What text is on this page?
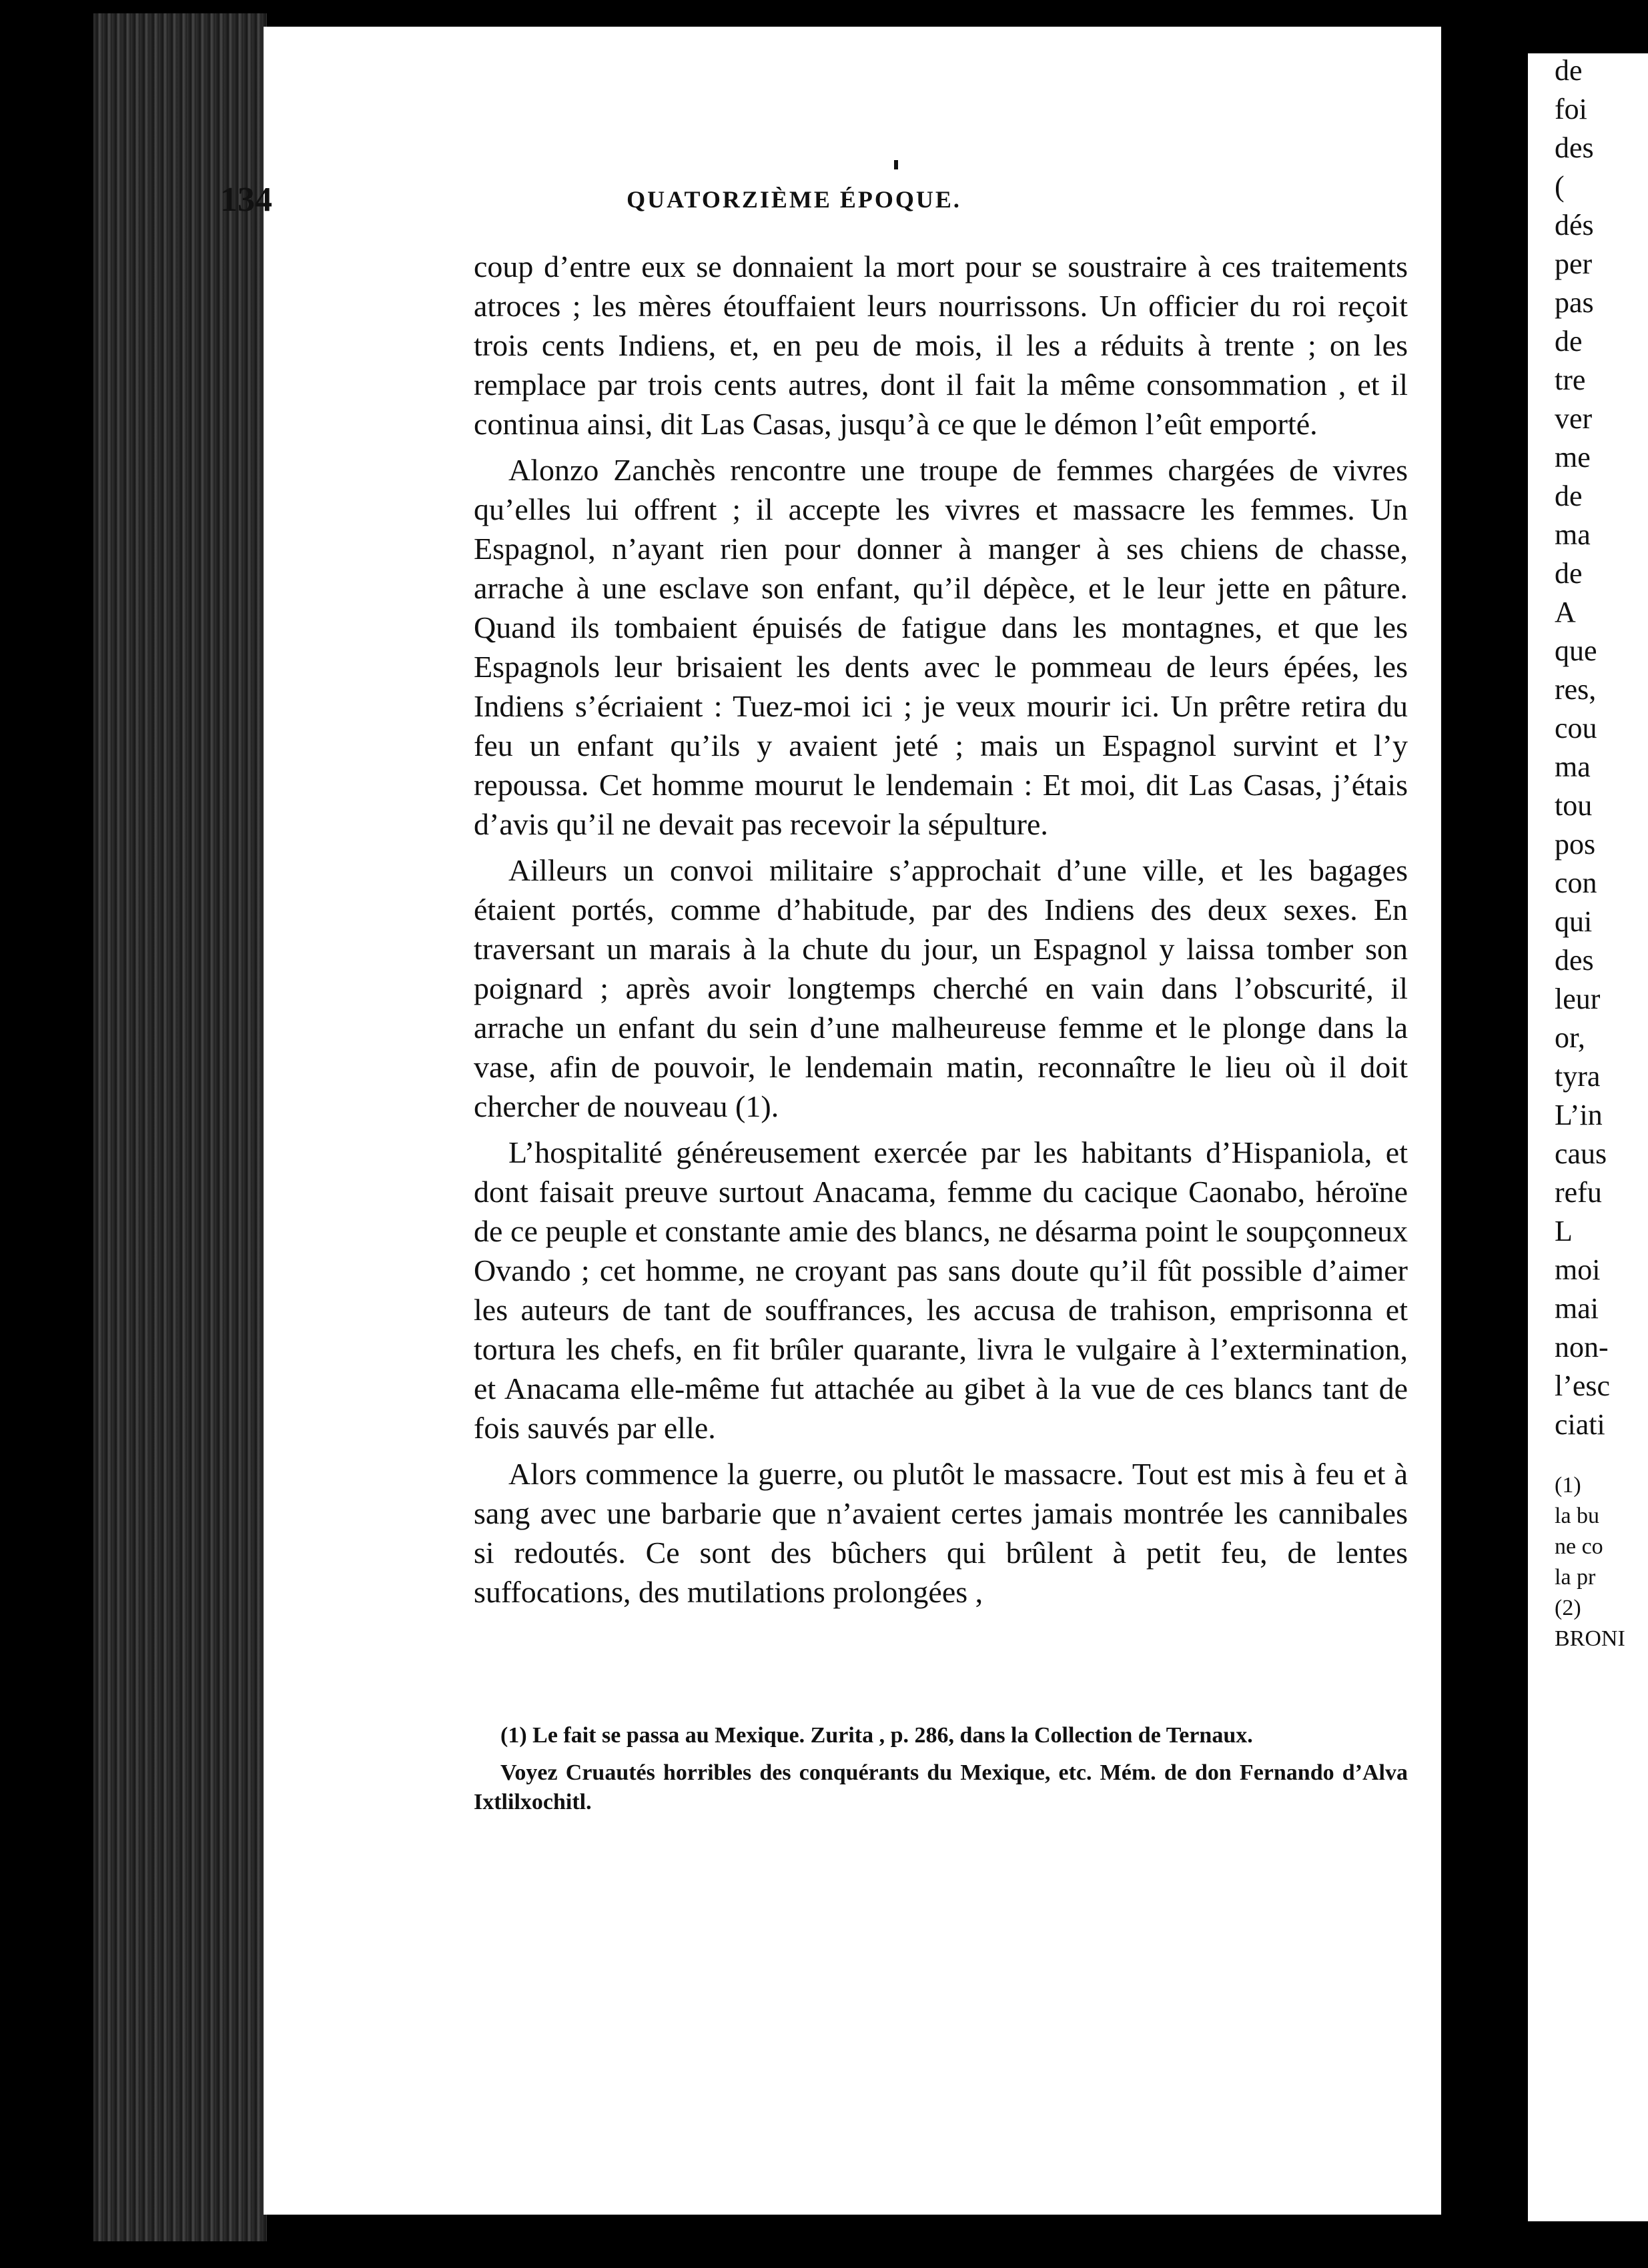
134	QUATORZIÈME ÉPOQUE.

coup d’entre eux se donnaient la mort pour se soustraire à ces traitements atroces ; les mères étouffaient leurs nourrissons. Un officier du roi reçoit trois cents Indiens, et, en peu de mois, il les a réduits à trente ; on les remplace par trois cents autres, dont il fait la même consommation , et il continua ainsi, dit Las Casas, jusqu’à ce que le démon l’eût emporté.

Alonzo Zanchès rencontre une troupe de femmes chargées de vivres qu’elles lui offrent ; il accepte les vivres et massacre les femmes. Un Espagnol, n’ayant rien pour donner à manger à ses chiens de chasse, arrache à une esclave son enfant, qu’il dépèce, et le leur jette en pâture. Quand ils tombaient épuisés de fatigue dans les montagnes, et que les Espagnols leur brisaient les dents avec le pommeau de leurs épées, les Indiens s’écriaient : Tuez-moi ici ; je veux mourir ici. Un prêtre retira du feu un enfant qu’ils y avaient jeté ; mais un Espagnol survint et l’y repoussa. Cet homme mourut le lendemain : Et moi, dit Las Casas, j’étais d’avis qu’il ne devait pas recevoir la sépulture.

Ailleurs un convoi militaire s’approchait d’une ville, et les bagages étaient portés, comme d’habitude, par des Indiens des deux sexes. En traversant un marais à la chute du jour, un Espagnol y laissa tomber son poignard ; après avoir longtemps cherché en vain dans l’obscurité, il arrache un enfant du sein d’une malheureuse femme et le plonge dans la vase, afin de pouvoir, le lendemain matin, reconnaître le lieu où il doit chercher de nouveau (1).

L’hospitalité généreusement exercée par les habitants d’Hispaniola, et dont faisait preuve surtout Anacama, femme du cacique Caonabo, héroïne de ce peuple et constante amie des blancs, ne désarma point le soupçonneux Ovando ; cet homme, ne croyant pas sans doute qu’il fût possible d’aimer les auteurs de tant de souffrances, les accusa de trahison, emprisonna et tortura les chefs, en fit brûler quarante, livra le vulgaire à l’extermination, et Anacama elle-même fut attachée au gibet à la vue de ces blancs tant de fois sauvés par elle.

Alors commence la guerre, ou plutôt le massacre. Tout est mis à feu et à sang avec une barbarie que n’avaient certes jamais montrée les cannibales si redoutés. Ce sont des bûchers qui brûlent à petit feu, de lentes suffocations, des mutilations prolongées ,

(1) Le fait se passa au Mexique. Zurita , p. 286, dans la Collection de Ternaux.

Voyez Cruautés horribles des conquérants du Mexique, etc. Mém. de don Fernando d’Alva Ixtlilxochitl.

de
foi
des
(
dés
per
pas
de
tre
ver
me
de
ma
de
A
que
res,
cou
ma
tou
pos
con
qui
des
leur
or,
tyra
L’in
caus
refu
L
moi
mai
non-
l’esc
ciati
(1)
la bu
ne co
la pr
(2)
BRONI
